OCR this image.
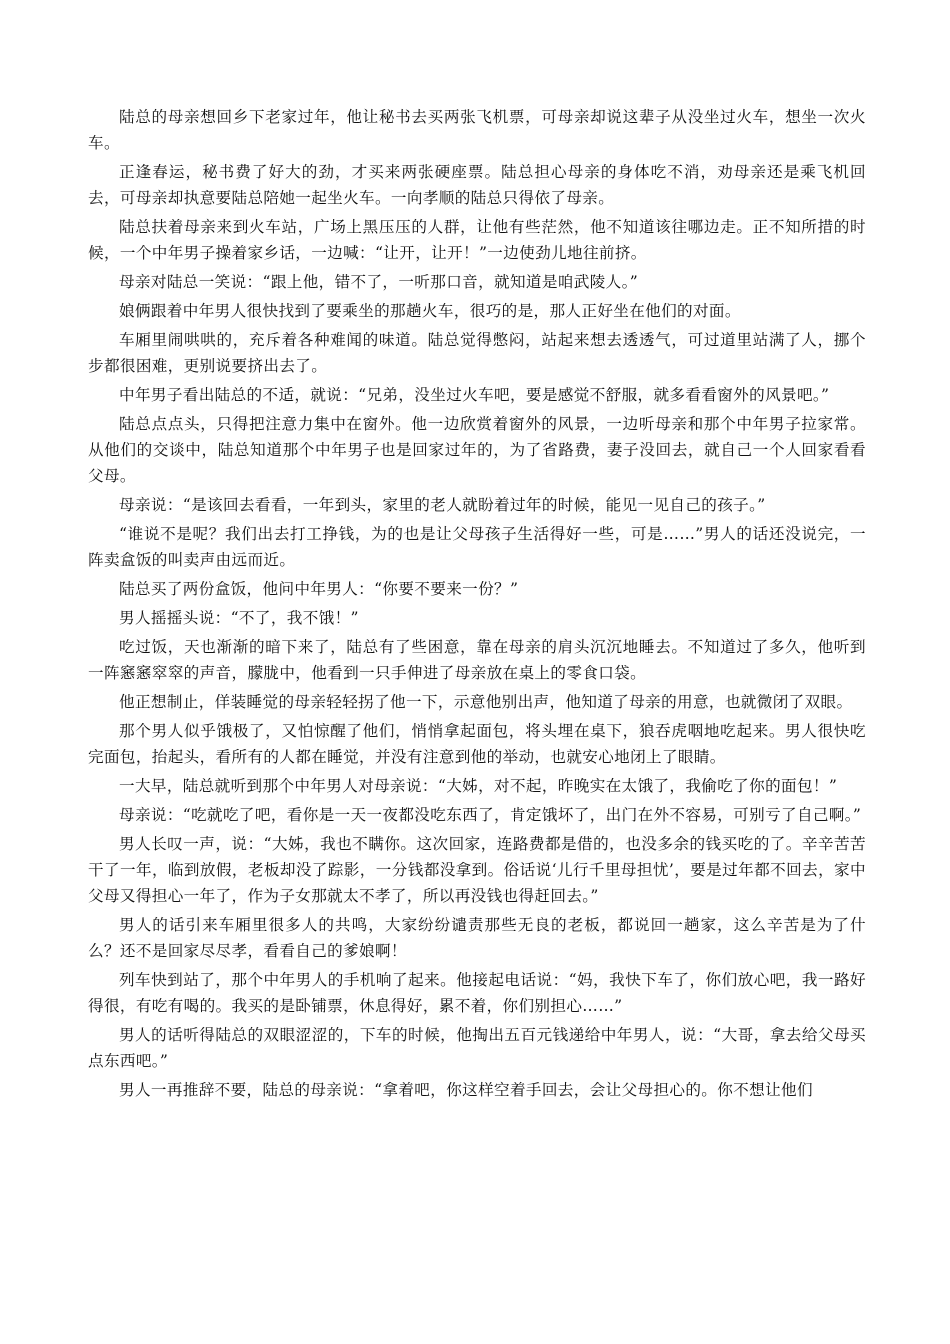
陆总的母亲想回乡下老家过年，他让秘书去买两张飞机票，可母亲却说这辈子从没坐过火车，想坐一次火车。

正逢春运，秘书费了好大的劲，才买来两张硬座票。陆总担心母亲的身体吃不消，劝母亲还是乘飞机回去，可母亲却执意要陆总陪她一起坐火车。一向孝顺的陆总只得依了母亲。

陆总扶着母亲来到火车站，广场上黑压压的人群，让他有些茫然，他不知道该往哪边走。正不知所措的时候，一个中年男子操着家乡话，一边喊：“让开，让开！”一边使劲儿地往前挤。

母亲对陆总一笑说：“跟上他，错不了，一听那口音，就知道是咱武陵人。”

娘俩跟着中年男人很快找到了要乘坐的那趟火车，很巧的是，那人正好坐在他们的对面。

车厢里闹哄哄的，充斥着各种难闻的味道。陆总觉得憋闷，站起来想去透透气，可过道里站满了人，挪个步都很困难，更别说要挤出去了。

中年男子看出陆总的不适，就说：“兄弟，没坐过火车吧，要是感觉不舒服，就多看看窗外的风景吧。”

陆总点点头，只得把注意力集中在窗外。他一边欣赏着窗外的风景，一边听母亲和那个中年男子拉家常。从他们的交谈中，陆总知道那个中年男子也是回家过年的，为了省路费，妻子没回去，就自己一个人回家看看父母。

母亲说：“是该回去看看，一年到头，家里的老人就盼着过年的时候，能见一见自己的孩子。”

“谁说不是呢？我们出去打工挣钱，为的也是让父母孩子生活得好一些，可是……”男人的话还没说完，一阵卖盒饭的叫卖声由远而近。

陆总买了两份盒饭，他问中年男人：“你要不要来一份？”

男人摇摇头说：“不了，我不饿！”

吃过饭，天也渐渐的暗下来了，陆总有了些困意，靠在母亲的肩头沉沉地睡去。不知道过了多久，他听到一阵窸窸窣窣的声音，朦胧中，他看到一只手伸进了母亲放在桌上的零食口袋。

他正想制止，佯装睡觉的母亲轻轻拐了他一下，示意他别出声，他知道了母亲的用意，也就微闭了双眼。

那个男人似乎饿极了，又怕惊醒了他们，悄悄拿起面包，将头埋在桌下，狼吞虎咽地吃起来。男人很快吃完面包，抬起头，看所有的人都在睡觉，并没有注意到他的举动，也就安心地闭上了眼睛。

一大早，陆总就听到那个中年男人对母亲说：“大姊，对不起，昨晚实在太饿了，我偷吃了你的面包！”

母亲说：“吃就吃了吧，看你是一天一夜都没吃东西了，肯定饿坏了，出门在外不容易，可别亏了自己啊。”

男人长叹一声，说：“大姊，我也不瞒你。这次回家，连路费都是借的，也没多余的钱买吃的了。辛辛苦苦干了一年，临到放假，老板却没了踪影，一分钱都没拿到。俗话说‘儿行千里母担忧’，要是过年都不回去，家中父母又得担心一年了，作为子女那就太不孝了，所以再没钱也得赶回去。”

男人的话引来车厢里很多人的共鸣，大家纷纷谴责那些无良的老板，都说回一趟家，这么辛苦是为了什么？还不是回家尽尽孝，看看自己的爹娘啊！

列车快到站了，那个中年男人的手机响了起来。他接起电话说：“妈，我快下车了，你们放心吧，我一路好得很，有吃有喝的。我买的是卧铺票，休息得好，累不着，你们别担心……”

男人的话听得陆总的双眼涩涩的，下车的时候，他掏出五百元钱递给中年男人，说：“大哥，拿去给父母买点东西吧。”

男人一再推辞不要，陆总的母亲说：“拿着吧，你这样空着手回去，会让父母担心的。你不想让他们
